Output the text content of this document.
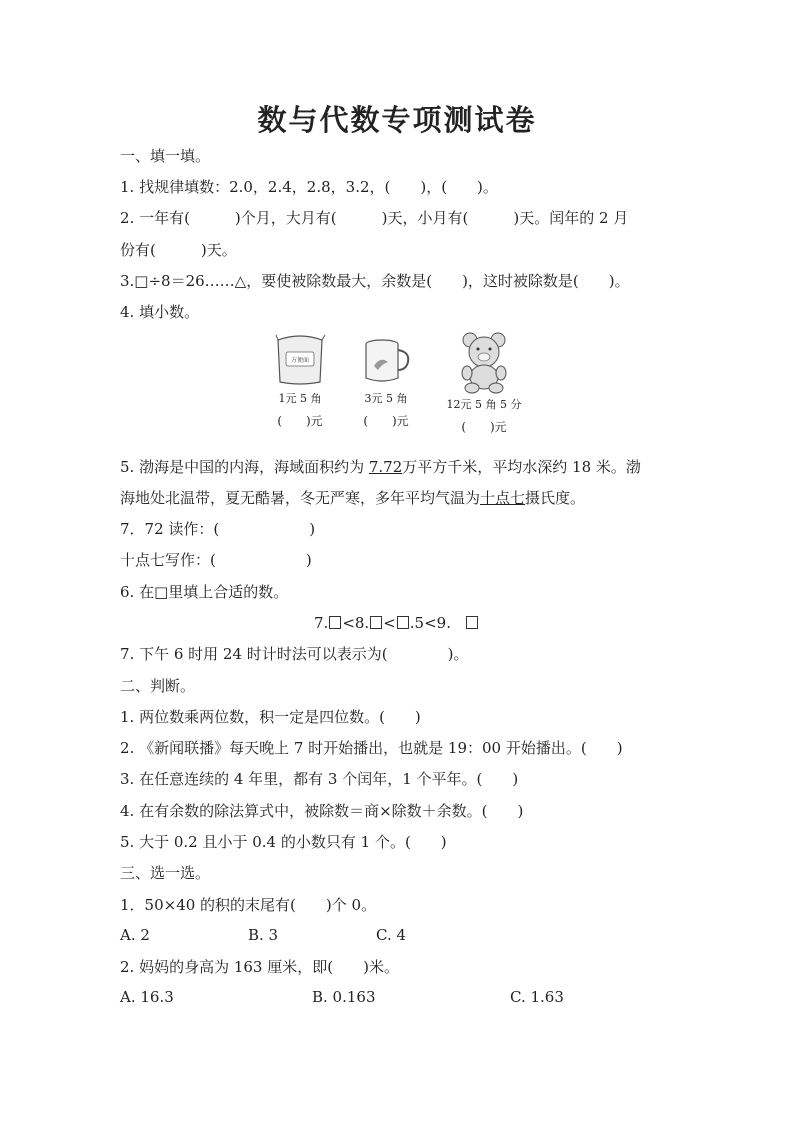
数与代数专项测试卷
一、填一填。
1. 找规律填数：2.0，2.4，2.8，3.2，(　　)，(　　)。
2. 一年有(　　　)个月，大月有(　　　)天，小月有(　　　)天。闰年的 2 月
份有(　　　)天。
3.□÷8＝26……△，要使被除数最大，余数是(　　)，这时被除数是(　　)。
4. 填小数。
方便面
1元 5 角
(　　)元
3元 5 角
(　　)元
12元 5 角 5 分
(　　)元
5. 渤海是中国的内海，海域面积约为 7.72万平方千米，平均水深约 18 米。渤
海地处北温带，夏无酷暑，冬无严寒，多年平均气温为十点七摄氏度。
7．72 读作：(　　　　　　)
十点七写作：(　　　　　　)
6. 在□里填上合适的数。
7. <8. < .5<9.
7. 下午 6 时用 24 时计时法可以表示为(　　　　)。
二、判断。
1. 两位数乘两位数，积一定是四位数。(　　)
2. 《新闻联播》每天晚上 7 时开始播出，也就是 19：00 开始播出。(　　)
3. 在任意连续的 4 年里，都有 3 个闰年，1 个平年。(　　)
4. 在有余数的除法算式中，被除数＝商×除数＋余数。(　　)
5. 大于 0.2 且小于 0.4 的小数只有 1 个。(　　)
三、选一选。
1．50×40 的积的末尾有(　　)个 0。
A. 2	B. 3	C. 4
2. 妈妈的身高为 163 厘米，即(　　)米。
A. 16.3	B. 0.163	C. 1.63
